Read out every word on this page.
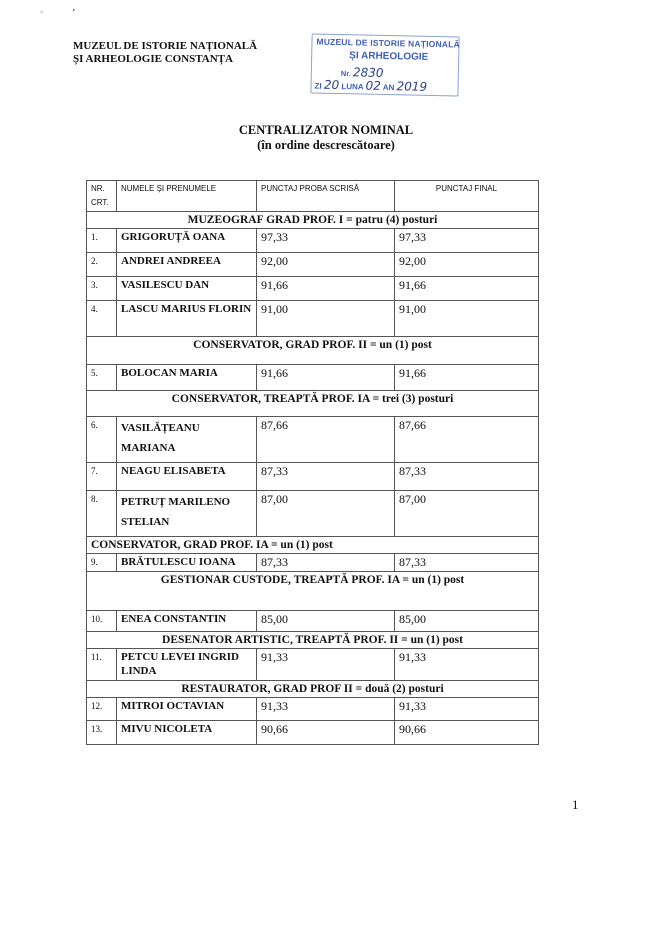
°	’
MUZEUL DE ISTORIE NAȚIONALĂ
ȘI ARHEOLOGIE CONSTANȚA
MUZEUL DE ISTORIE NAȚIONALĂ
ȘI ARHEOLOGIE
Nr. 2830
ZI 20 LUNA 02 AN 2019
CENTRALIZATOR NOMINAL
(în ordine descrescătoare)
NR. CRT.	NUMELE ȘI PRENUMELE	PUNCTAJ PROBA SCRISĂ	PUNCTAJ FINAL
MUZEOGRAF GRAD PROF. I = patru (4) posturi			
1.	GRIGORUȚĂ OANA	97,33	97,33
2.	ANDREI ANDREEA	92,00	92,00
3.	VASILESCU DAN	91,66	91,66
4.	LASCU MARIUS FLORIN	91,00	91,00
CONSERVATOR, GRAD PROF. II = un (1) post			
5.	BOLOCAN MARIA	91,66	91,66
CONSERVATOR, TREAPTĂ PROF. IA = trei (3) posturi			
6.	VASILĂȚEANU MARIANA	87,66	87,66
7.	NEAGU ELISABETA	87,33	87,33
8.	PETRUȚ MARILENO STELIAN	87,00	87,00
CONSERVATOR, GRAD PROF. IA = un (1) post			
9.	BRĂTULESCU IOANA	87,33	87,33
GESTIONAR CUSTODE, TREAPTĂ PROF. IA = un (1) post			
10.	ENEA CONSTANTIN	85,00	85,00
DESENATOR ARTISTIC, TREAPTĂ PROF. II = un (1) post			
11.	PETCU LEVEI INGRID LINDA	91,33	91,33
RESTAURATOR, GRAD PROF II = două (2) posturi			
12.	MITROI OCTAVIAN	91,33	91,33
13.	MIVU NICOLETA	90,66	90,66
1
